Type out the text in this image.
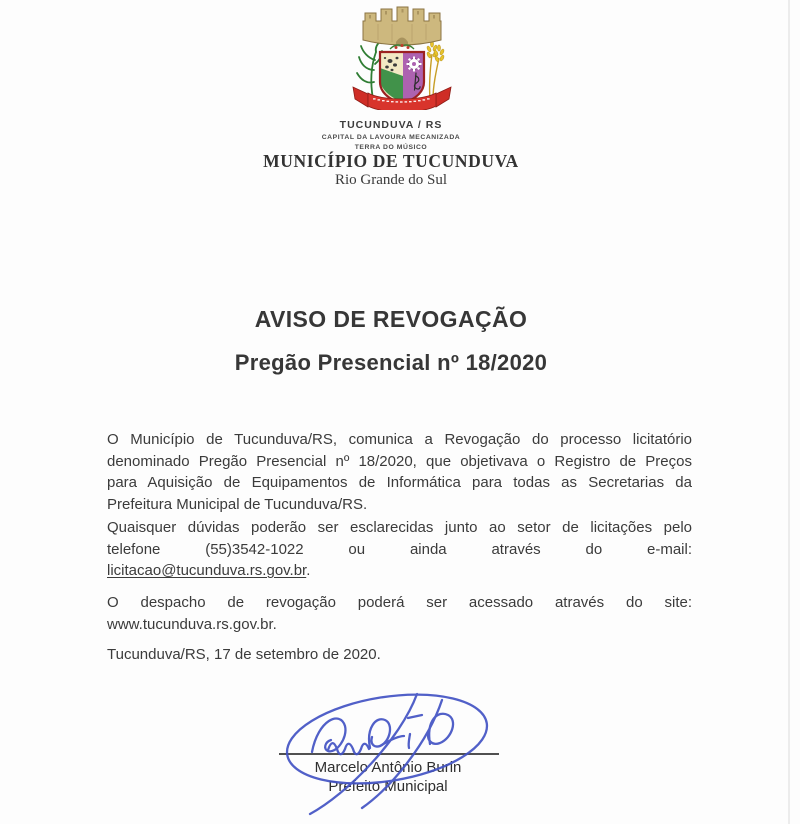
TUCUNDUVA / RS
CAPITAL DA LAVOURA MECANIZADA
TERRA DO MÚSICO
MUNICÍPIO DE TUCUNDUVA
Rio Grande do Sul
AVISO DE REVOGAÇÃO
Pregão Presencial nº 18/2020
O Município de Tucunduva/RS, comunica a Revogação do processo licitatório
denominado Pregão Presencial nº 18/2020, que objetivava o Registro de Preços
para Aquisição de Equipamentos de Informática para todas as Secretarias da
Prefeitura Municipal de Tucunduva/RS.
Quaisquer dúvidas poderão ser esclarecidas junto ao setor de licitações pelo
telefone (55)3542-1022 ou ainda através do e-mail:
licitacao@tucunduva.rs.gov.br.
O despacho de revogação poderá ser acessado através do site:
www.tucunduva.rs.gov.br.
Tucunduva/RS, 17 de setembro de 2020.
Marcelo Antônio Burin
Prefeito Municipal
